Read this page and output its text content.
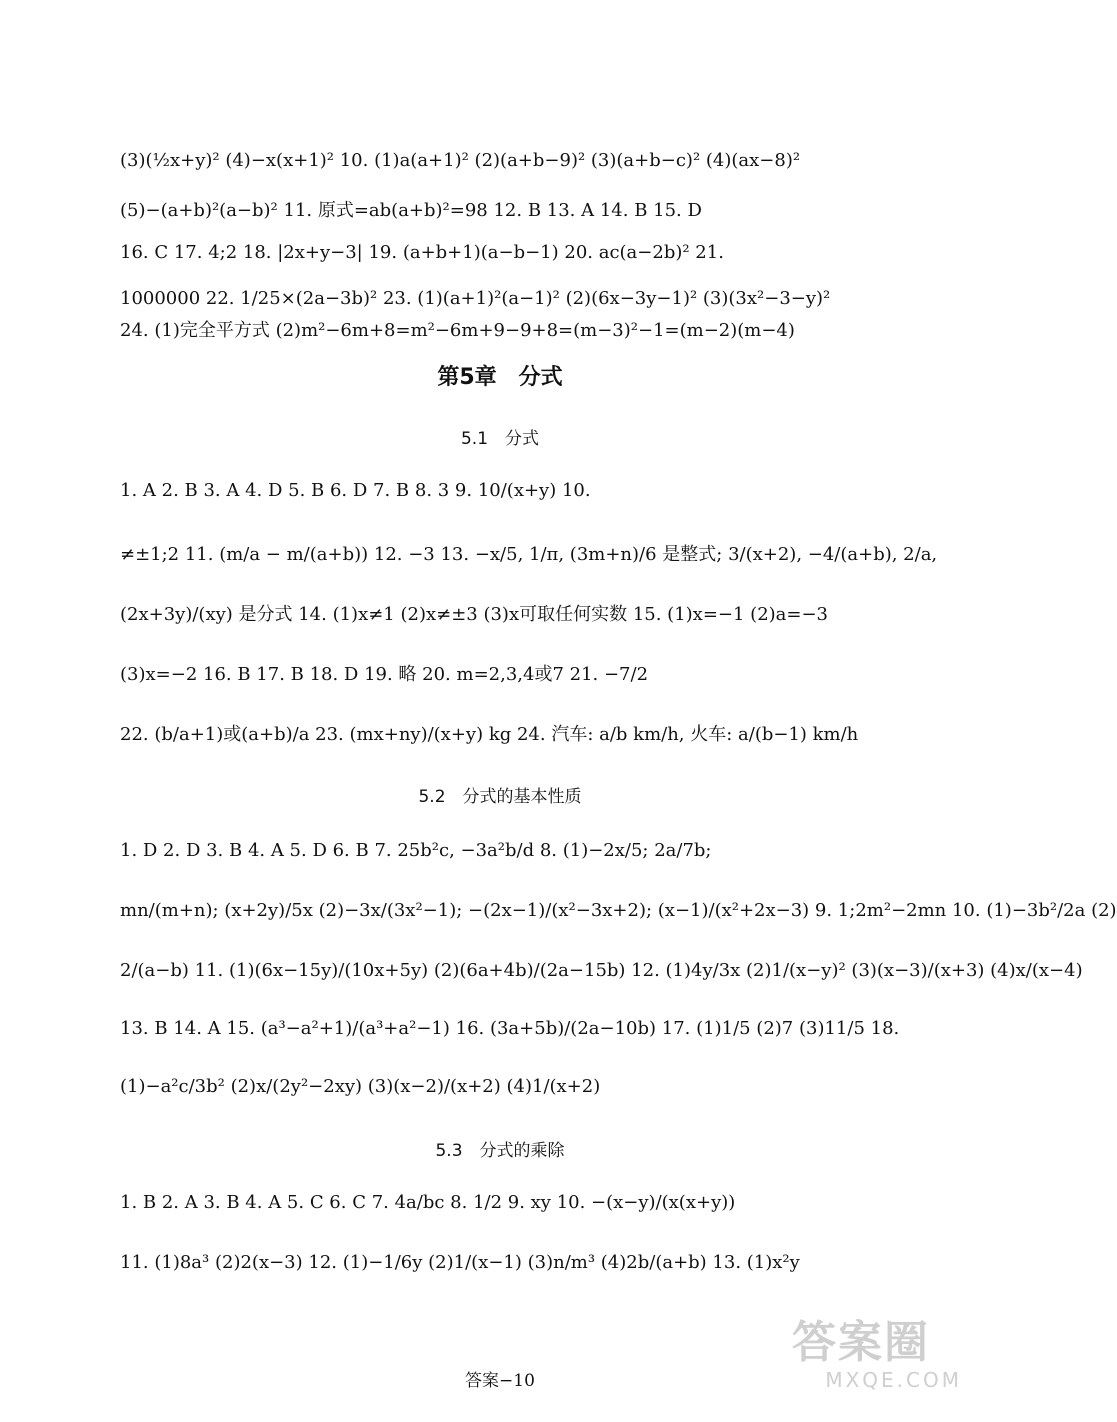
(3)(½x+y)² (4)−x(x+1)² 10. (1)a(a+1)² (2)(a+b−9)² (3)(a+b−c)² (4)(ax−8)²
(5)−(a+b)²(a−b)² 11. 原式=ab(a+b)²=98 12. B 13. A 14. B 15. D
16. C 17. 4;2 18. |2x+y−3| 19. (a+b+1)(a−b−1) 20. ac(a−2b)² 21.
1000000 22. 1/25×(2a−3b)² 23. (1)(a+1)²(a−1)² (2)(6x−3y−1)² (3)(3x²−3−y)²
24. (1)完全平方式 (2)m²−6m+8=m²−6m+9−9+8=(m−3)²−1=(m−2)(m−4)
第5章　分式
5.1　分式
1. A 2. B 3. A 4. D 5. B 6. D 7. B 8. 3 9. 10/(x+y) 10.
≠±1;2 11. (m/a − m/(a+b)) 12. −3 13. −x/5, 1/π, (3m+n)/6 是整式; 3/(x+2), −4/(a+b), 2/a,
(2x+3y)/(xy) 是分式 14. (1)x≠1 (2)x≠±3 (3)x可取任何实数 15. (1)x=−1 (2)a=−3
(3)x=−2 16. B 17. B 18. D 19. 略 20. m=2,3,4或7 21. −7/2
22. (b/a+1)或(a+b)/a 23. (mx+ny)/(x+y) kg 24. 汽车: a/b km/h, 火车: a/(b−1) km/h
5.2　分式的基本性质
1. D 2. D 3. B 4. A 5. D 6. B 7. 25b²c, −3a²b/d 8. (1)−2x/5; 2a/7b;
mn/(m+n); (x+2y)/5x (2)−3x/(3x²−1); −(2x−1)/(x²−3x+2); (x−1)/(x²+2x−3) 9. 1;2m²−2mn 10. (1)−3b²/2a (2)
2/(a−b) 11. (1)(6x−15y)/(10x+5y) (2)(6a+4b)/(2a−15b) 12. (1)4y/3x (2)1/(x−y)² (3)(x−3)/(x+3) (4)x/(x−4)
13. B 14. A 15. (a³−a²+1)/(a³+a²−1) 16. (3a+5b)/(2a−10b) 17. (1)1/5 (2)7 (3)11/5 18.
(1)−a²c/3b² (2)x/(2y²−2xy) (3)(x−2)/(x+2) (4)1/(x+2)
5.3　分式的乘除
1. B 2. A 3. B 4. A 5. C 6. C 7. 4a/bc 8. 1/2 9. xy 10. −(x−y)/(x(x+y))
11. (1)8a³ (2)2(x−3) 12. (1)−1/6y (2)1/(x−1) (3)n/m³ (4)2b/(a+b) 13. (1)x²y
答案−10
答案圈
MXQE.COM
